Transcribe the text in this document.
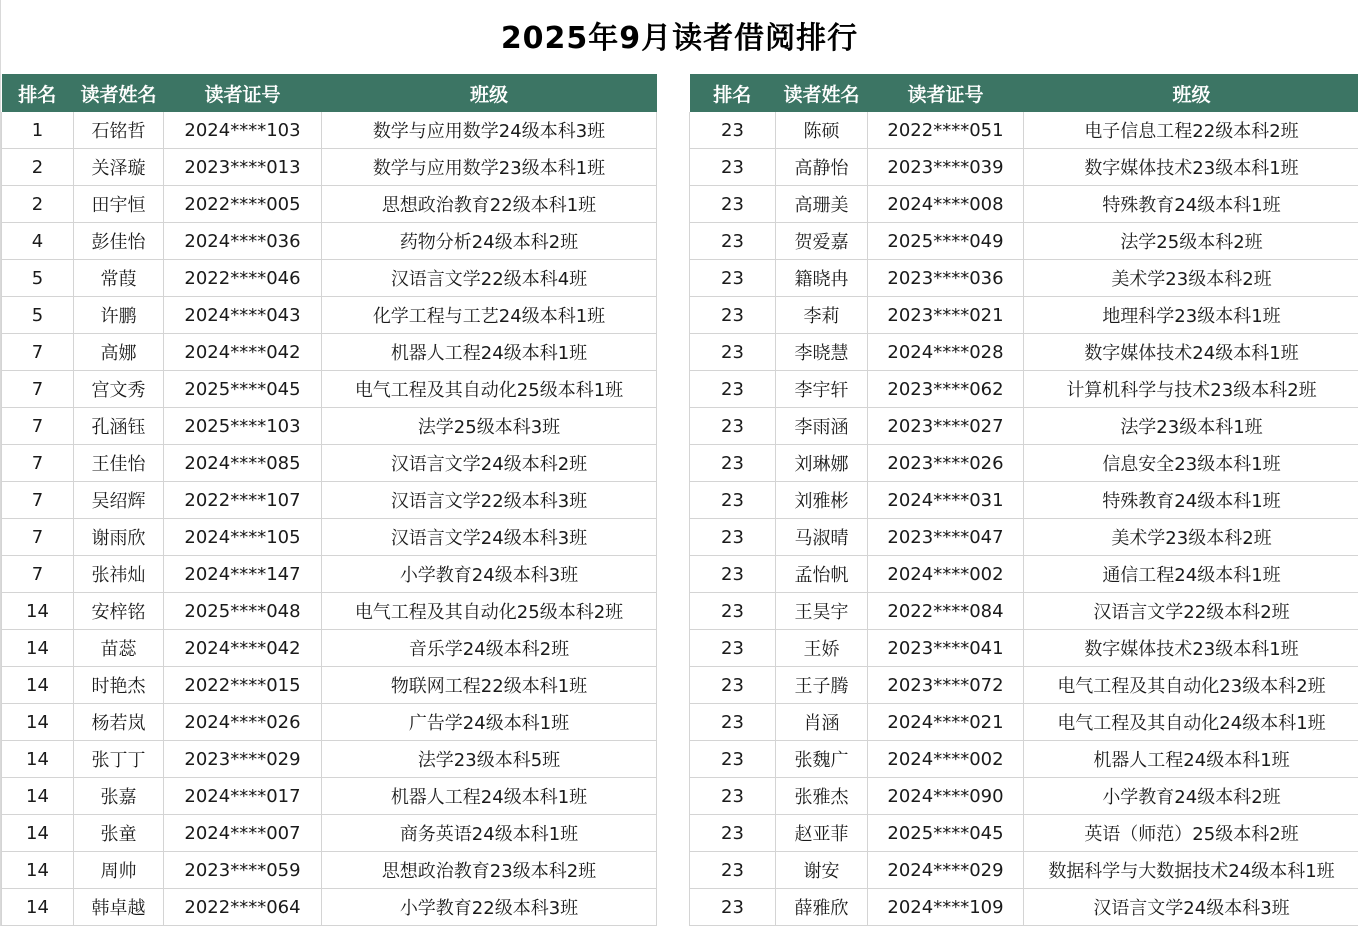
2025年9月读者借阅排行
排名	读者姓名	读者证号	班级
1	石铭哲	2024****103	数学与应用数学24级本科3班
2	关泽璇	2023****013	数学与应用数学23级本科1班
2	田宇恒	2022****005	思想政治教育22级本科1班
4	彭佳怡	2024****036	药物分析24级本科2班
5	常葭	2022****046	汉语言文学22级本科4班
5	许鹏	2024****043	化学工程与工艺24级本科1班
7	高娜	2024****042	机器人工程24级本科1班
7	宫文秀	2025****045	电气工程及其自动化25级本科1班
7	孔涵钰	2025****103	法学25级本科3班
7	王佳怡	2024****085	汉语言文学24级本科2班
7	吴绍辉	2022****107	汉语言文学22级本科3班
7	谢雨欣	2024****105	汉语言文学24级本科3班
7	张祎灿	2024****147	小学教育24级本科3班
14	安梓铭	2025****048	电气工程及其自动化25级本科2班
14	苗蕊	2024****042	音乐学24级本科2班
14	时艳杰	2022****015	物联网工程22级本科1班
14	杨若岚	2024****026	广告学24级本科1班
14	张丁丁	2023****029	法学23级本科5班
14	张嘉	2024****017	机器人工程24级本科1班
14	张童	2024****007	商务英语24级本科1班
14	周帅	2023****059	思想政治教育23级本科2班
14	韩卓越	2022****064	小学教育22级本科3班
排名	读者姓名	读者证号	班级
23	陈硕	2022****051	电子信息工程22级本科2班
23	高静怡	2023****039	数字媒体技术23级本科1班
23	高珊美	2024****008	特殊教育24级本科1班
23	贺爱嘉	2025****049	法学25级本科2班
23	籍晓冉	2023****036	美术学23级本科2班
23	李莉	2023****021	地理科学23级本科1班
23	李晓慧	2024****028	数字媒体技术24级本科1班
23	李宇轩	2023****062	计算机科学与技术23级本科2班
23	李雨涵	2023****027	法学23级本科1班
23	刘琳娜	2023****026	信息安全23级本科1班
23	刘雅彬	2024****031	特殊教育24级本科1班
23	马淑晴	2023****047	美术学23级本科2班
23	孟怡帆	2024****002	通信工程24级本科1班
23	王昊宇	2022****084	汉语言文学22级本科2班
23	王娇	2023****041	数字媒体技术23级本科1班
23	王子腾	2023****072	电气工程及其自动化23级本科2班
23	肖涵	2024****021	电气工程及其自动化24级本科1班
23	张魏广	2024****002	机器人工程24级本科1班
23	张雅杰	2024****090	小学教育24级本科2班
23	赵亚菲	2025****045	英语（师范）25级本科2班
23	谢安	2024****029	数据科学与大数据技术24级本科1班
23	薛雅欣	2024****109	汉语言文学24级本科3班
